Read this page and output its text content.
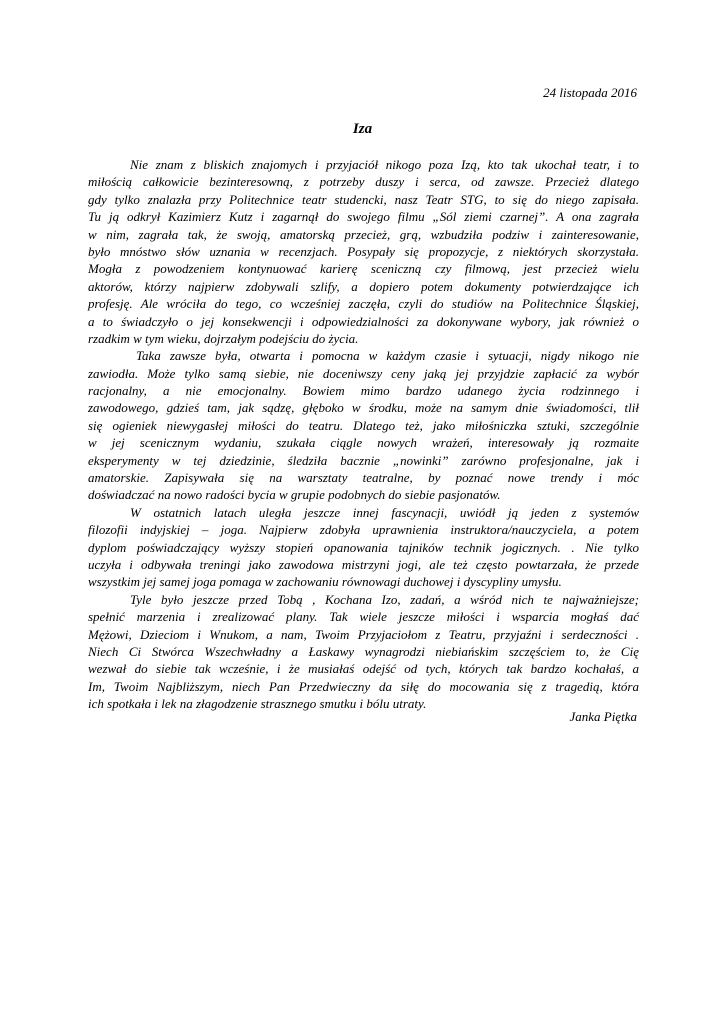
24 listopada 2016
Iza
Nie znam z bliskich znajomych i przyjaciół nikogo poza Izą, kto tak ukochał teatr, i to
miłością całkowicie bezinteresowną, z potrzeby duszy i serca, od zawsze. Przecież dlatego
gdy tylko znalazła przy Politechnice teatr studencki, nasz Teatr STG, to się do niego zapisała.
Tu ją odkrył Kazimierz Kutz i zagarnął do swojego filmu „Sól ziemi czarnej”. A ona zagrała
w nim, zagrała tak, że swoją, amatorską przecież, grą, wzbudziła podziw i zainteresowanie,
było mnóstwo słów uznania w recenzjach. Posypały się propozycje, z niektórych skorzystała.
Mogła z powodzeniem kontynuować karierę sceniczną czy filmową, jest przecież wielu
aktorów, którzy najpierw zdobywali szlify, a dopiero potem dokumenty potwierdzające ich
profesję. Ale wróciła do tego, co wcześniej zaczęła, czyli do studiów na Politechnice Śląskiej,
a to świadczyło o jej konsekwencji i odpowiedzialności za dokonywane wybory, jak również o
rzadkim w tym wieku, dojrzałym podejściu do życia.
Taka zawsze była, otwarta i pomocna w każdym czasie i sytuacji, nigdy nikogo nie
zawiodła. Może tylko samą siebie, nie doceniwszy ceny jaką jej przyjdzie zapłacić za wybór
racjonalny, a nie emocjonalny. Bowiem mimo bardzo udanego życia rodzinnego i
zawodowego, gdzieś tam, jak sądzę, głęboko w środku, może na samym dnie świadomości, tlił
się ogieniek niewygasłej miłości do teatru. Dlatego też, jako miłośniczka sztuki, szczególnie
w jej scenicznym wydaniu, szukała ciągle nowych wrażeń, interesowały ją rozmaite
eksperymenty w tej dziedzinie, śledziła bacznie „nowinki” zarówno profesjonalne, jak i
amatorskie. Zapisywała się na warsztaty teatralne, by poznać nowe trendy i móc
doświadczać na nowo radości bycia w grupie podobnych do siebie pasjonatów.
W ostatnich latach uległa jeszcze innej fascynacji, uwiódł ją jeden z systemów
filozofii indyjskiej – joga. Najpierw zdobyła uprawnienia instruktora/nauczyciela, a potem
dyplom poświadczający wyższy stopień opanowania tajników technik jogicznych. . Nie tylko
uczyła i odbywała treningi jako zawodowa mistrzyni jogi, ale też często powtarzała, że przede
wszystkim jej samej joga pomaga w zachowaniu równowagi duchowej i dyscypliny umysłu.
Tyle było jeszcze przed Tobą , Kochana Izo, zadań, a wśród nich te najważniejsze;
spełnić marzenia i zrealizować plany. Tak wiele jeszcze miłości i wsparcia mogłaś dać
Mężowi, Dzieciom i Wnukom, a nam, Twoim Przyjaciołom z Teatru, przyjaźni i serdeczności .
Niech Ci Stwórca Wszechwładny a Łaskawy wynagrodzi niebiańskim szczęściem to, że Cię
wezwał do siebie tak wcześnie, i że musiałaś odejść od tych, których tak bardzo kochałaś, a
Im, Twoim Najbliższym, niech Pan Przedwieczny da siłę do mocowania się z tragedią, która
ich spotkała i lek na złagodzenie strasznego smutku i bólu utraty.
Janka Piętka
